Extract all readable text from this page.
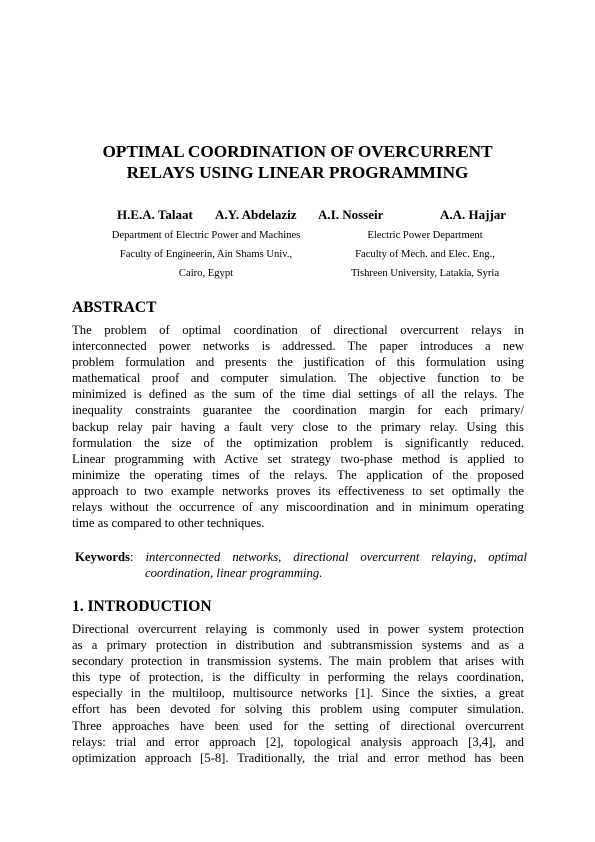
OPTIMAL COORDINATION OF OVERCURRENT
RELAYS USING LINEAR PROGRAMMING
H.E.A. Talaat A.Y. Abdelaziz A.I. Nosseir	A.A. Hajjar
Department of Electric Power and Machines
Faculty of Engineerin, Ain Shams Univ.,
Cairo, Egypt
Electric Power Department
Faculty of Mech. and Elec. Eng.,
Tishreen University, Latakia, Syria
ABSTRACT
The problem of optimal coordination of directional overcurrent relays in
interconnected power networks is addressed. The paper introduces a new
problem formulation and presents the justification of this formulation using
mathematical proof and computer simulation. The objective function to be
minimized is defined as the sum of the time dial settings of all the relays. The
inequality constraints guarantee the coordination margin for each primary/
backup relay pair having a fault very close to the primary relay. Using this
formulation the size of the optimization problem is significantly reduced.
Linear programming with Active set strategy two-phase method is applied to
minimize the operating times of the relays. The application of the proposed
approach to two example networks proves its effectiveness to set optimally the
relays without the occurrence of any miscoordination and in minimum operating
time as compared to other techniques.
Keywords: interconnected networks, directional overcurrent relaying, optimal
coordination, linear programming.
1. INTRODUCTION
Directional overcurrent relaying is commonly used in power system protection
as a primary protection in distribution and subtransmission systems and as a
secondary protection in transmission systems. The main problem that arises with
this type of protection, is the difficulty in performing the relays coordination,
especially in the multiloop, multisource networks [1]. Since the sixties, a great
effort has been devoted for solving this problem using computer simulation.
Three approaches have been used for the setting of directional overcurrent
relays: trial and error approach [2], topological analysis approach [3,4], and
optimization approach [5-8]. Traditionally, the trial and error method has been
